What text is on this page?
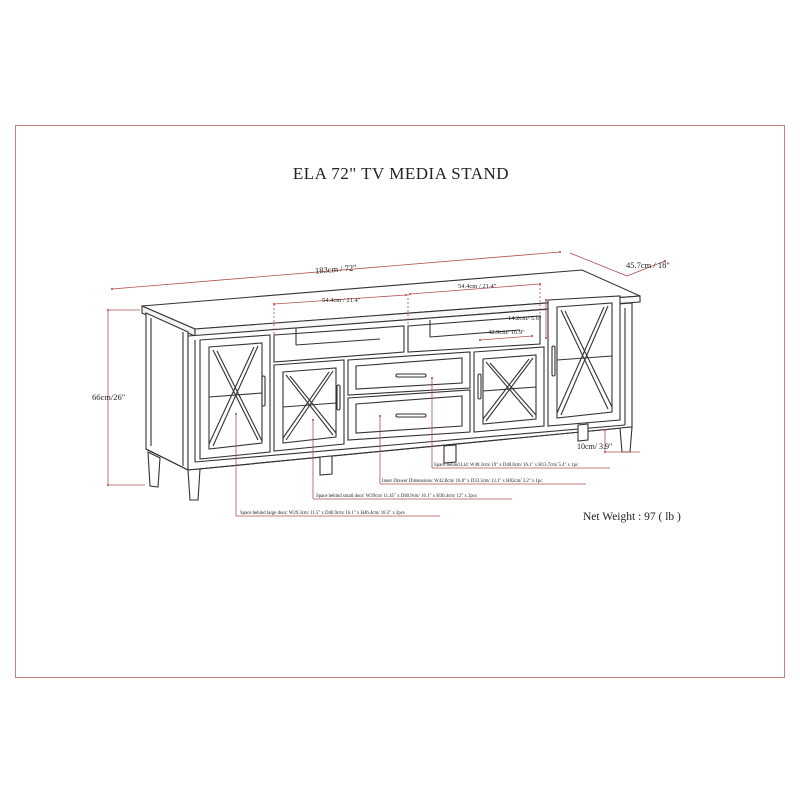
183cm / 72"	45.7cm / 18"
66cm/26"
54.4cm / 21.4"
54.4cm / 21.4"
14.2cm/ 5.6"
42.9cm/ 16.9"
10cm/ 3.9"
Space behind Lid: W48.3cm/ 19" x D40.8cm/ 16.1" x H13.7cm/ 5.4" x 1pc
Inner Drawer Dimensions: W42.8cm/ 16.8" x D33.3cm/ 13.1" x H82cm/ 3.2" x 1pc
Space behind small door: W29cm/ 11.45" x D40.9cm/ 16.1" x H30.4cm/ 12" x 2pcs
Space behind large door: W29.3cm/ 11.5" x D40.9cm/ 16.1" x H46.4cm/ 18.3" x 2pcs
ELA 72" TV MEDIA STAND
Net Weight : 97 ( lb )
